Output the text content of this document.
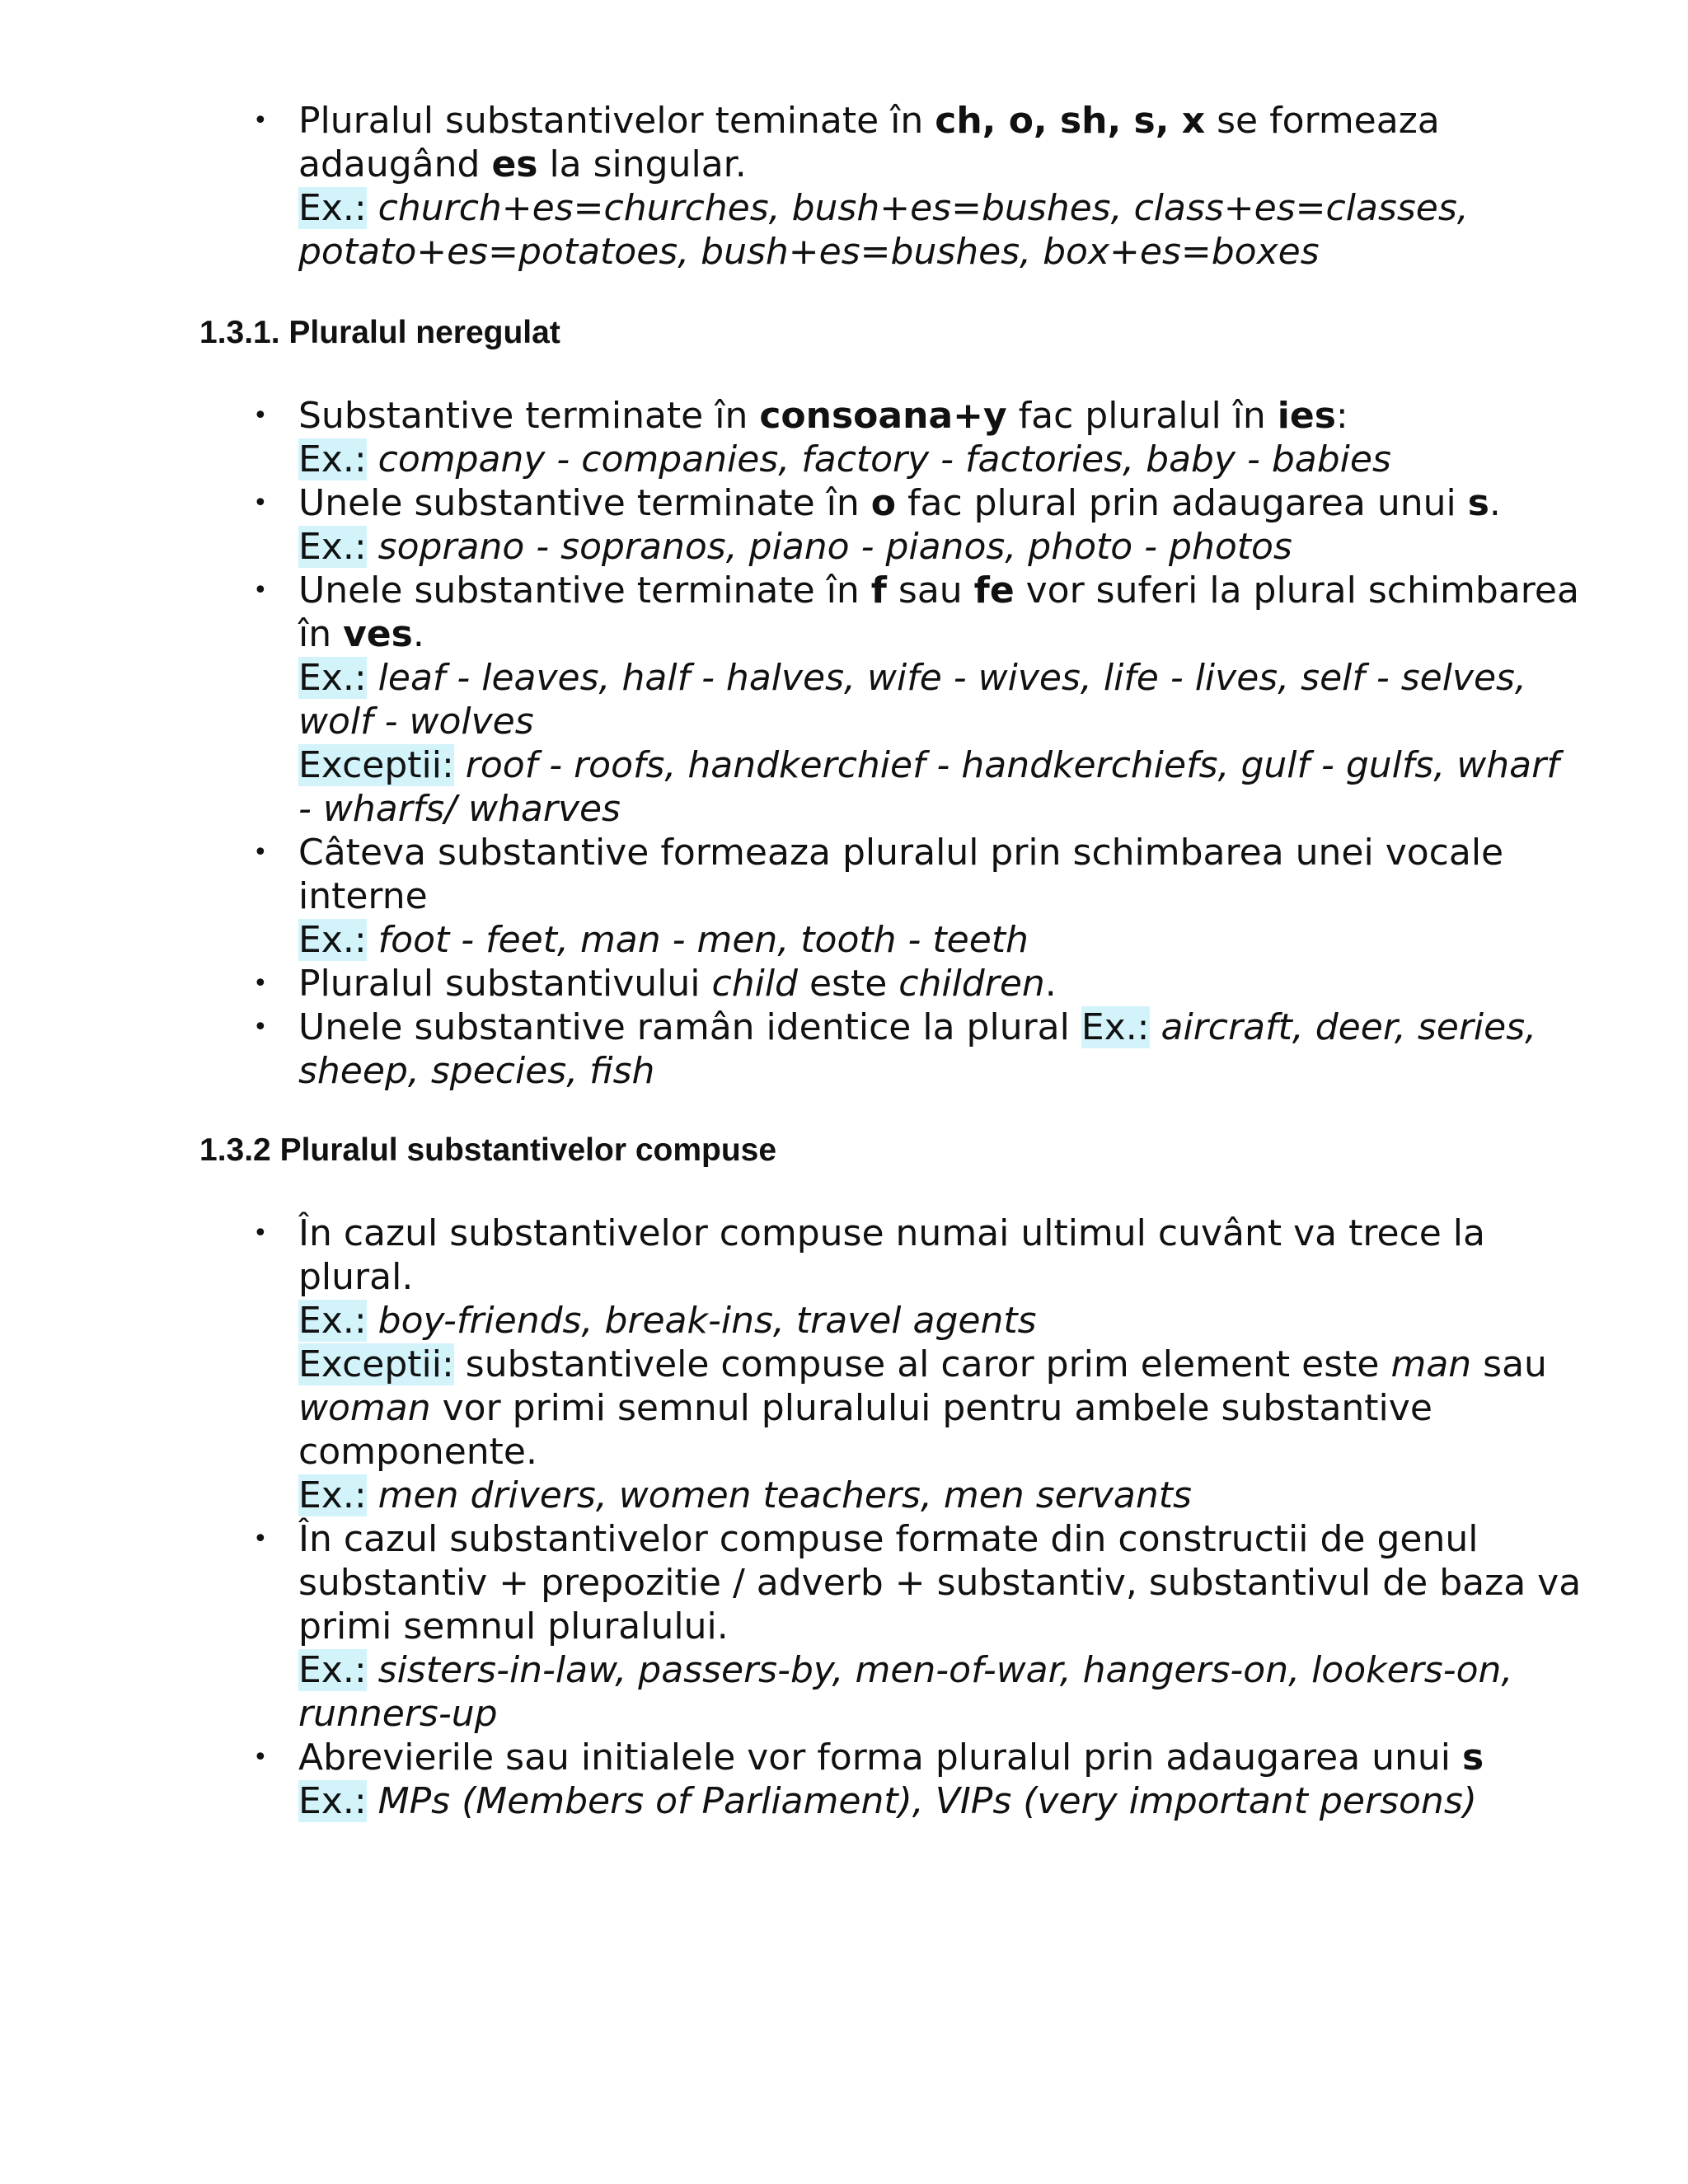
• Pluralul substantivelor teminate în ch, o, sh, s, x se formeaza
adaugând es la singular.
Ex.: church+es=churches, bush+es=bushes, class+es=classes,
potato+es=potatoes, bush+es=bushes, box+es=boxes
1.3.1. Pluralul neregulat
• Substantive terminate în consoana+y fac pluralul în ies:
Ex.: company - companies, factory - factories, baby - babies
• Unele substantive terminate în o fac plural prin adaugarea unui s.
Ex.: soprano - sopranos, piano - pianos, photo - photos
• Unele substantive terminate în f sau fe vor suferi la plural schimbarea
în ves.
Ex.: leaf - leaves, half - halves, wife - wives, life - lives, self - selves,
wolf - wolves
Exceptii: roof - roofs, handkerchief - handkerchiefs, gulf - gulfs, wharf
- wharfs/ wharves
• Câteva substantive formeaza pluralul prin schimbarea unei vocale
interne
Ex.: foot - feet, man - men, tooth - teeth
• Pluralul substantivului child este children.
• Unele substantive ramân identice la plural Ex.: aircraft, deer, series,
sheep, species, fish
1.3.2 Pluralul substantivelor compuse
• În cazul substantivelor compuse numai ultimul cuvânt va trece la
plural.
Ex.: boy-friends, break-ins, travel agents
Exceptii: substantivele compuse al caror prim element este man sau
woman vor primi semnul pluralului pentru ambele substantive
componente.
Ex.: men drivers, women teachers, men servants
• În cazul substantivelor compuse formate din constructii de genul
substantiv + prepozitie / adverb + substantiv, substantivul de baza va
primi semnul pluralului.
Ex.: sisters-in-law, passers-by, men-of-war, hangers-on, lookers-on,
runners-up
• Abrevierile sau initialele vor forma pluralul prin adaugarea unui s
Ex.: MPs (Members of Parliament), VIPs (very important persons)
